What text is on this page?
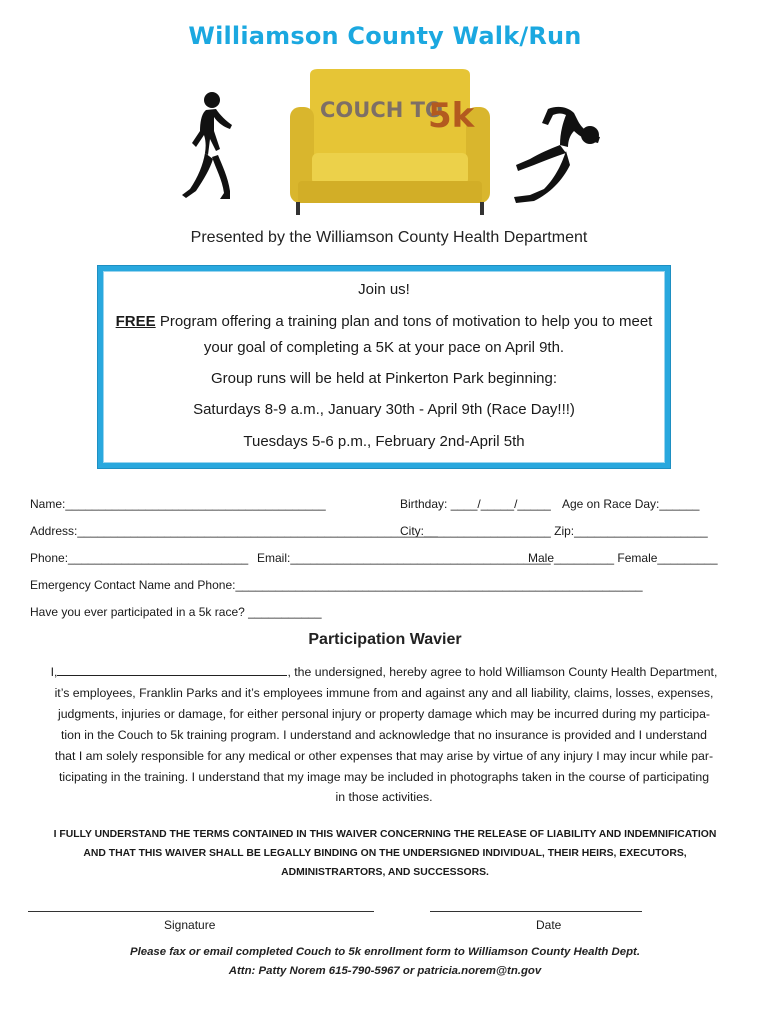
Williamson County Walk/Run
COUCH TO
5k
Presented by the Williamson County Health Department

Join us!

FREE Program offering a training plan and tons of motivation to help you to meet

your goal of completing a 5K at your pace on April 9th.

Group runs will be held at Pinkerton Park beginning:

Saturdays 8-9 a.m., January 30th - April 9th (Race Day!!!)

Tuesdays 5-6 p.m., February 2nd-April 5th

Name:_______________________________________	Birthday: ____/_____/_____ Age on Race Day:______
Address:______________________________________________________
City:___________________ Zip:____________________
Phone:___________________________ Email:_______________________________________
Male_________ Female_________
Emergency Contact Name and Phone:_____________________________________________________________
Have you ever participated in a 5k race? ___________
Participation Wavier
I,	, the undersigned, hereby agree to hold Williamson County Health Department,
it’s employees, Franklin Parks and it’s employees immune from and against any and all liability, claims, losses, expenses,
judgments, injuries or damage, for either personal injury or property damage which may be incurred during my participa-
tion in the Couch to 5k training program. I understand and acknowledge that no insurance is provided and I understand
that I am solely responsible for any medical or other expenses that may arise by virtue of any injury I may incur while par-
ticipating in the training. I understand that my image may be included in photographs taken in the course of participating
in those activities.
I FULLY UNDERSTAND THE TERMS CONTAINED IN THIS WAIVER CONCERNING THE RELEASE OF LIABILITY AND INDEMNIFICATION
AND THAT THIS WAIVER SHALL BE LEGALLY BINDING ON THE UNDERSIGNED INDIVIDUAL, THEIR HEIRS, EXECUTORS,
ADMINISTRARTORS, AND SUCCESSORS.
Signature	Date
Please fax or email completed Couch to 5k enrollment form to Williamson County Health Dept.
Attn: Patty Norem 615-790-5967 or patricia.norem@tn.gov
